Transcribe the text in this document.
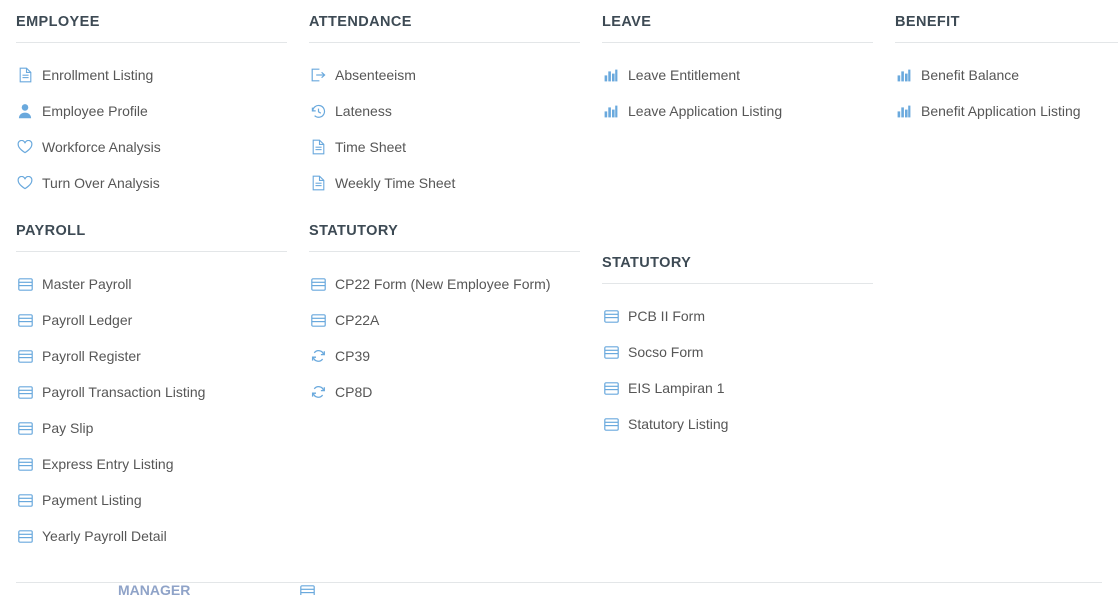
EMPLOYEE
Enrollment Listing
Employee Profile
Workforce Analysis
Turn Over Analysis
PAYROLL
Master Payroll
Payroll Ledger
Payroll Register
Payroll Transaction Listing
Pay Slip
Express Entry Listing
Payment Listing
Yearly Payroll Detail
ATTENDANCE
Absenteeism
Lateness
Time Sheet
Weekly Time Sheet
STATUTORY
CP22 Form (New Employee Form)
CP22A
CP39
CP8D
LEAVE
Leave Entitlement
Leave Application Listing
STATUTORY
PCB II Form
Socso Form
EIS Lampiran 1
Statutory Listing
BENEFIT
Benefit Balance
Benefit Application Listing
MANAGER
